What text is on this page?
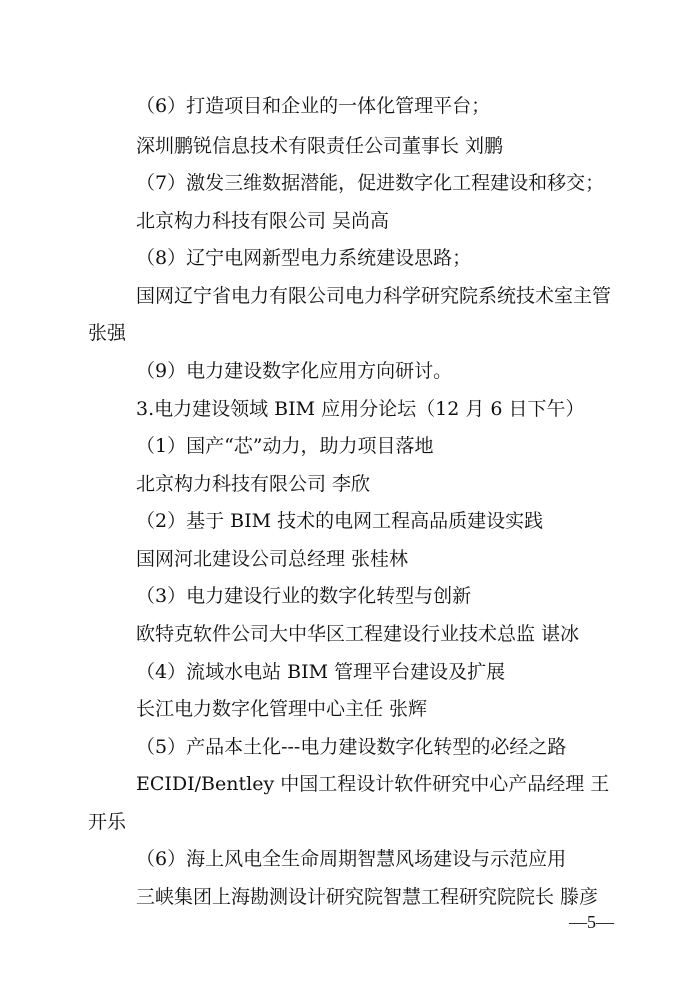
（6）打造项目和企业的一体化管理平台；
深圳鹏锐信息技术有限责任公司董事长 刘鹏
（7）激发三维数据潜能，促进数字化工程建设和移交；
北京构力科技有限公司 吴尚高
（8）辽宁电网新型电力系统建设思路；
国网辽宁省电力有限公司电力科学研究院系统技术室主管
张强
（9）电力建设数字化应用方向研讨。
3.电力建设领域 BIM 应用分论坛（12 月 6 日下午）
（1）国产“芯”动力，助力项目落地
北京构力科技有限公司 李欣
（2）基于 BIM 技术的电网工程高品质建设实践
国网河北建设公司总经理 张桂林
（3）电力建设行业的数字化转型与创新
欧特克软件公司大中华区工程建设行业技术总监 谌冰
（4）流域水电站 BIM 管理平台建设及扩展
长江电力数字化管理中心主任 张辉
（5）产品本土化---电力建设数字化转型的必经之路
ECIDI/Bentley 中国工程设计软件研究中心产品经理 王
开乐
（6）海上风电全生命周期智慧风场建设与示范应用
三峡集团上海勘测设计研究院智慧工程研究院院长 滕彦
—5—
